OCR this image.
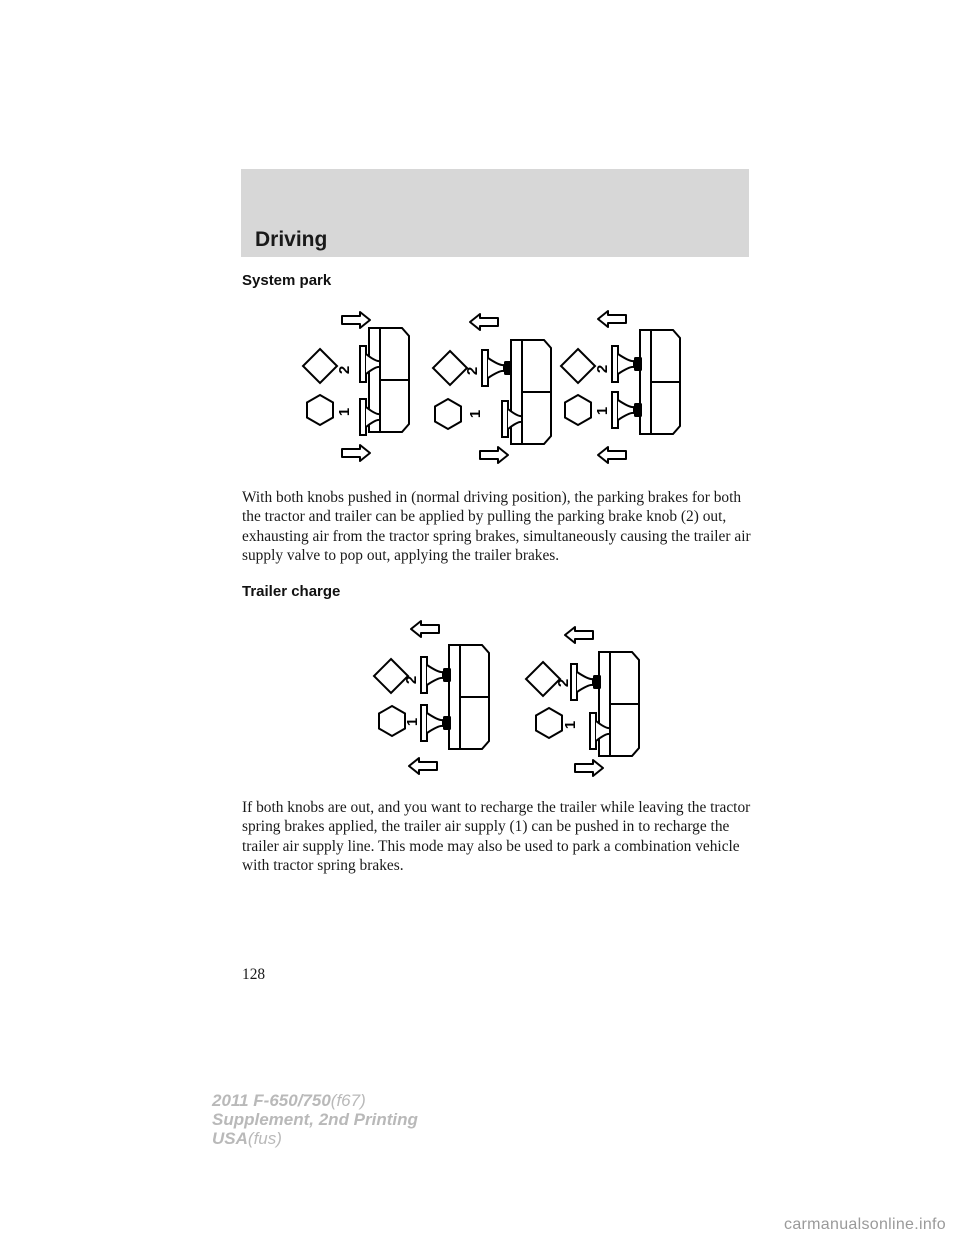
Driving
System park
2
1
2
1
2
1
With both knobs pushed in (normal driving position), the parking brakes for both the tractor and trailer can be applied by pulling the parking brake knob (2) out, exhausting air from the tractor spring brakes, simultaneously causing the trailer air supply valve to pop out, applying the trailer brakes.
Trailer charge
2
1
2
1
If both knobs are out, and you want to recharge the trailer while leaving the tractor spring brakes applied, the trailer air supply (1) can be pushed in to recharge the trailer air supply line. This mode may also be used to park a combination vehicle with tractor spring brakes.
128
2011 F-650/750(f67)
Supplement, 2nd Printing
USA(fus)
carmanualsonline.info
